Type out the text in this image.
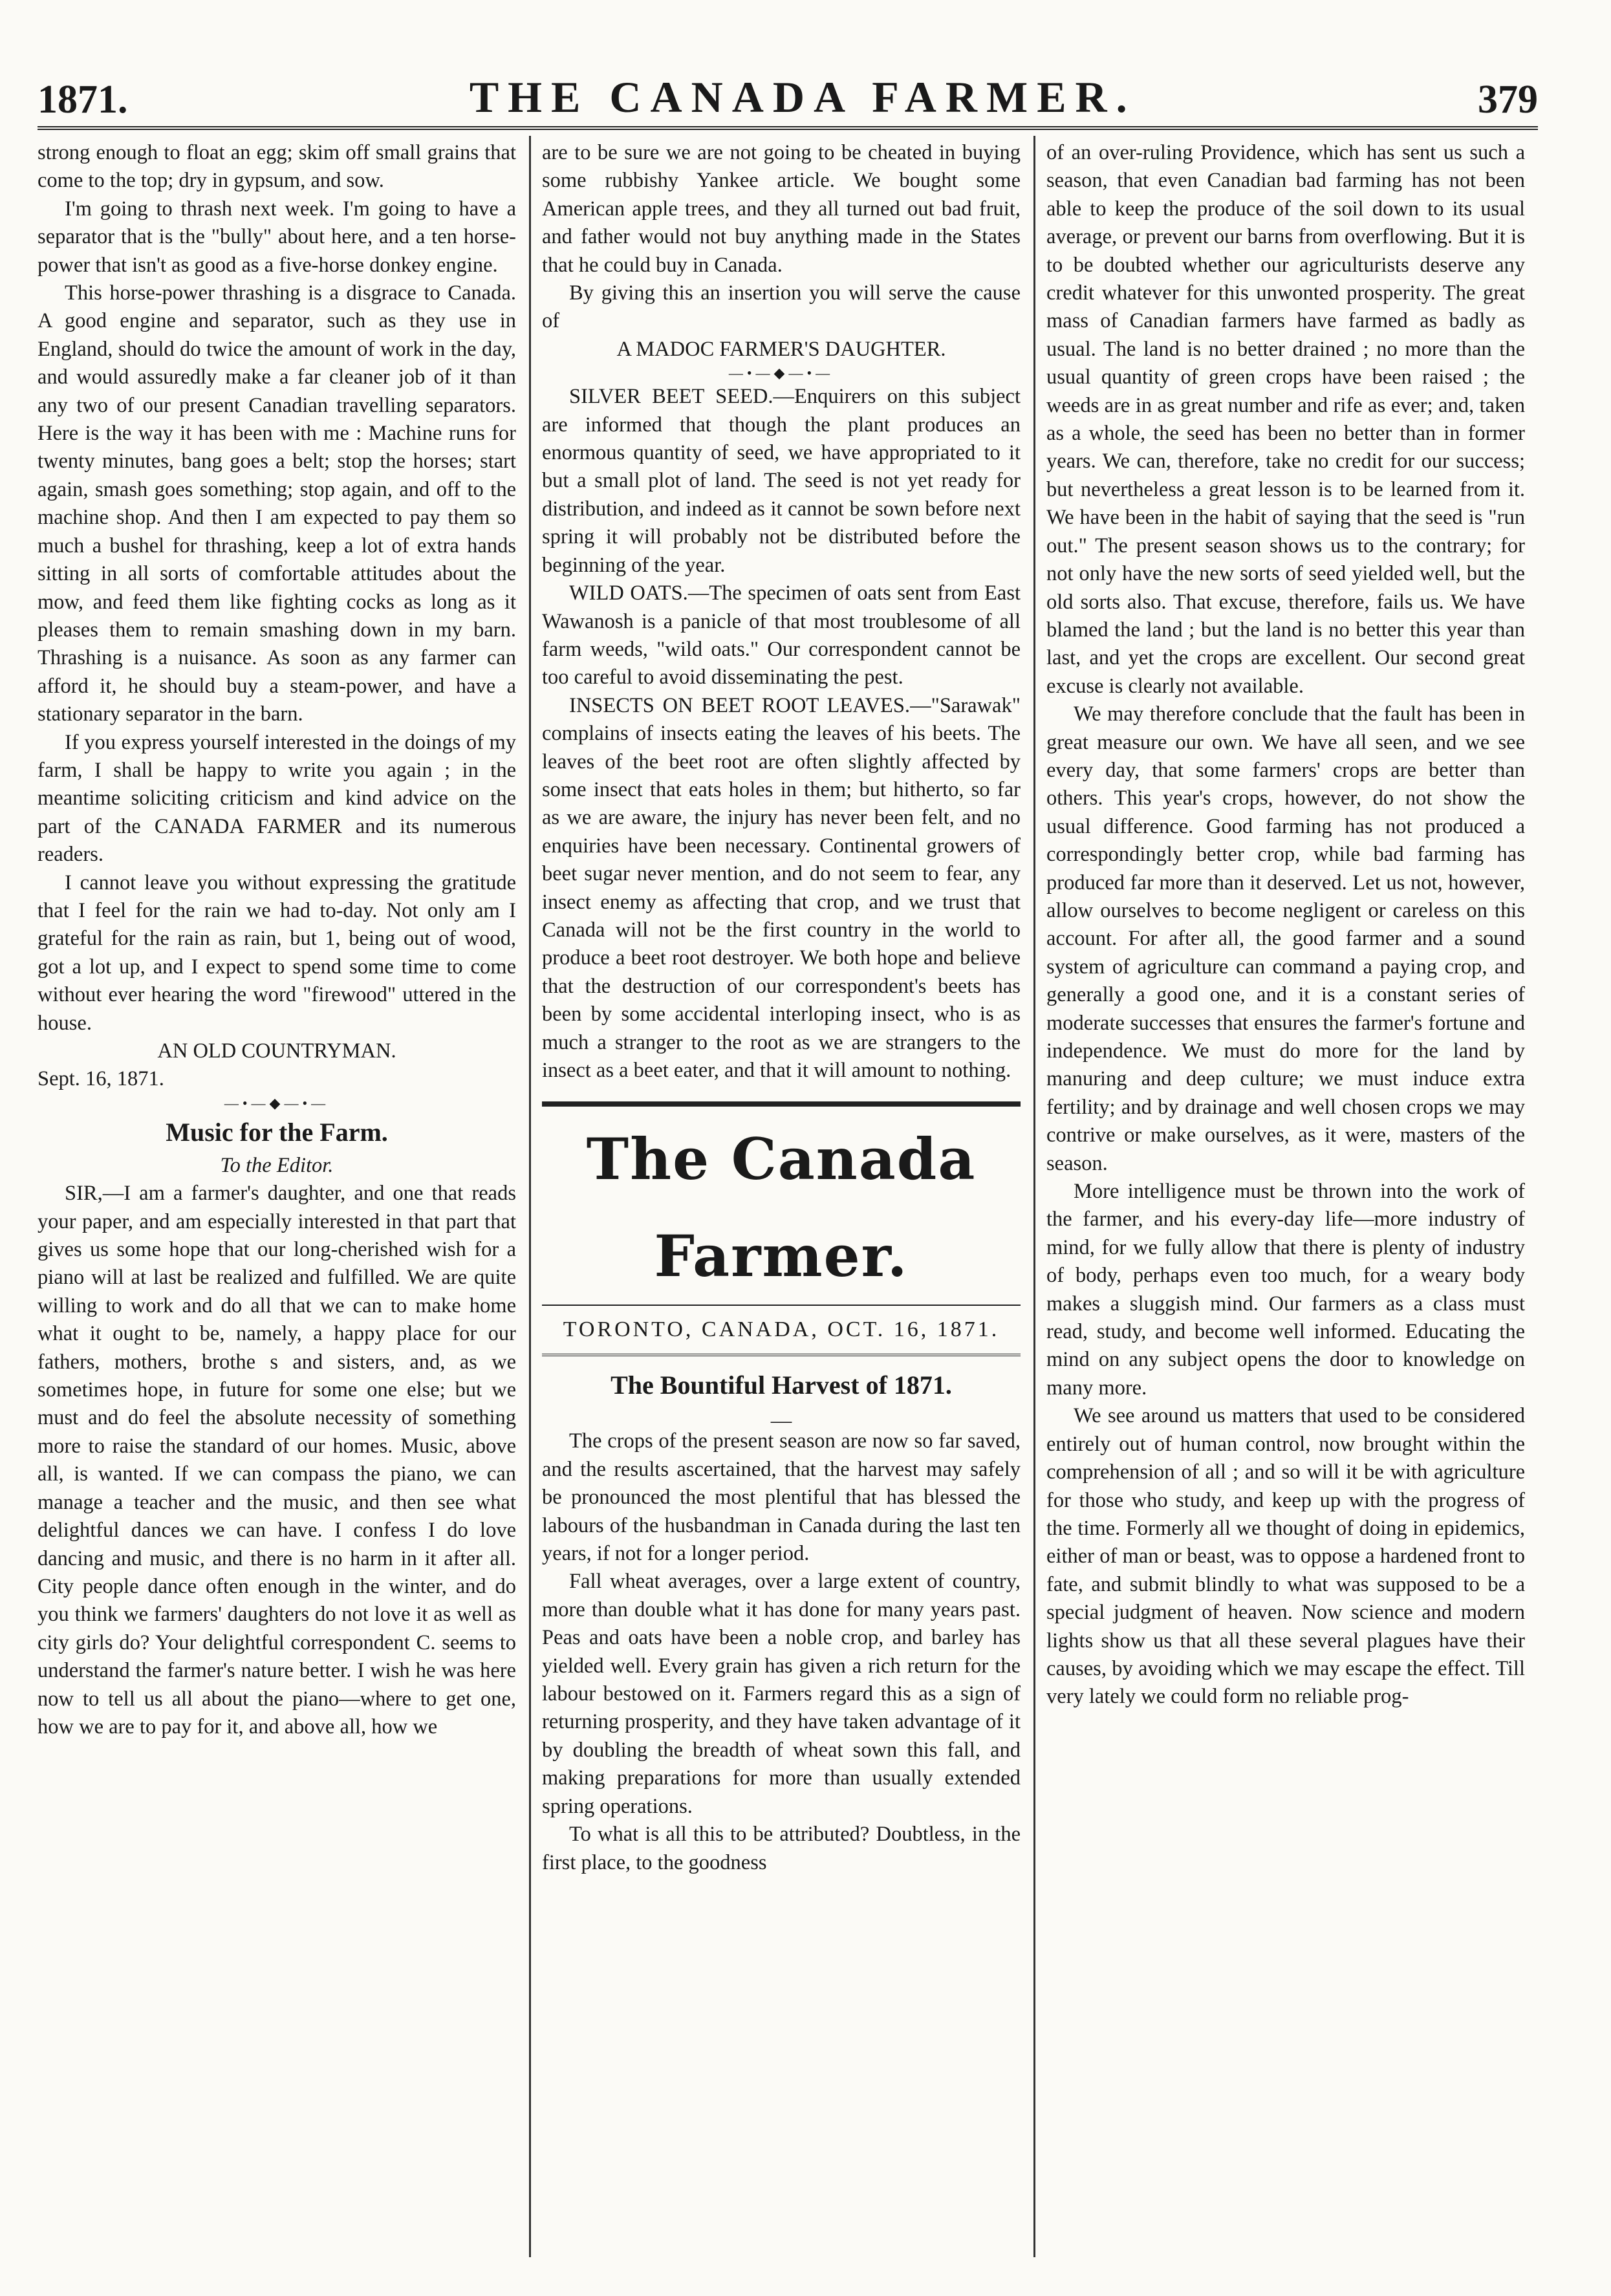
1871.	THE CANADA FARMER.	379

strong enough to float an egg; skim off small grains that come to the top; dry in gypsum, and sow.

I'm going to thrash next week. I'm going to have a separator that is the "bully" about here, and a ten horse-power that isn't as good as a five-horse donkey engine.

This horse-power thrashing is a disgrace to Canada. A good engine and separator, such as they use in England, should do twice the amount of work in the day, and would assuredly make a far cleaner job of it than any two of our present Canadian travelling separators. Here is the way it has been with me : Machine runs for twenty minutes, bang goes a belt; stop the horses; start again, smash goes something; stop again, and off to the machine shop. And then I am expected to pay them so much a bushel for thrashing, keep a lot of extra hands sitting in all sorts of comfortable attitudes about the mow, and feed them like fighting cocks as long as it pleases them to remain smashing down in my barn. Thrashing is a nuisance. As soon as any farmer can afford it, he should buy a steam-power, and have a stationary separator in the barn.

If you express yourself interested in the doings of my farm, I shall be happy to write you again ; in the meantime soliciting criticism and kind advice on the part of the CANADA FARMER and its numerous readers.

I cannot leave you without expressing the gratitude that I feel for the rain we had to-day. Not only am I grateful for the rain as rain, but 1, being out of wood, got a lot up, and I expect to spend some time to come without ever hearing the word "firewood" uttered in the house.

AN OLD COUNTRYMAN.

Sept. 16, 1871.

—•—◆—•—

Music for the Farm.

To the Editor.

SIR,—I am a farmer's daughter, and one that reads your paper, and am especially interested in that part that gives us some hope that our long-cherished wish for a piano will at last be realized and fulfilled. We are quite willing to work and do all that we can to make home what it ought to be, namely, a happy place for our fathers, mothers, brothe s and sisters, and, as we sometimes hope, in future for some one else; but we must and do feel the absolute necessity of something more to raise the standard of our homes. Music, above all, is wanted. If we can compass the piano, we can manage a teacher and the music, and then see what delightful dances we can have. I confess I do love dancing and music, and there is no harm in it after all. City people dance often enough in the winter, and do you think we farmers' daughters do not love it as well as city girls do? Your delightful correspondent C. seems to understand the farmer's nature better. I wish he was here now to tell us all about the piano—where to get one, how we are to pay for it, and above all, how we

are to be sure we are not going to be cheated in buying some rubbishy Yankee article. We bought some American apple trees, and they all turned out bad fruit, and father would not buy anything made in the States that he could buy in Canada.

By giving this an insertion you will serve the cause of

A MADOC FARMER'S DAUGHTER.

—•—◆—•—

SILVER BEET SEED.—Enquirers on this subject are informed that though the plant produces an enormous quantity of seed, we have appropriated to it but a small plot of land. The seed is not yet ready for distribution, and indeed as it cannot be sown before next spring it will probably not be distributed before the beginning of the year.

WILD OATS.—The specimen of oats sent from East Wawanosh is a panicle of that most troublesome of all farm weeds, "wild oats." Our correspondent cannot be too careful to avoid disseminating the pest.

INSECTS ON BEET ROOT LEAVES.—"Sarawak" complains of insects eating the leaves of his beets. The leaves of the beet root are often slightly affected by some insect that eats holes in them; but hitherto, so far as we are aware, the injury has never been felt, and no enquiries have been necessary. Continental growers of beet sugar never mention, and do not seem to fear, any insect enemy as affecting that crop, and we trust that Canada will not be the first country in the world to produce a beet root destroyer. We both hope and believe that the destruction of our correspondent's beets has been by some accidental interloping insect, who is as much a stranger to the root as we are strangers to the insect as a beet eater, and that it will amount to nothing.

The Canada Farmer.

TORONTO, CANADA, OCT. 16, 1871.

The Bountiful Harvest of 1871.

—

The crops of the present season are now so far saved, and the results ascertained, that the harvest may safely be pronounced the most plentiful that has blessed the labours of the husbandman in Canada during the last ten years, if not for a longer period.

Fall wheat averages, over a large extent of country, more than double what it has done for many years past. Peas and oats have been a noble crop, and barley has yielded well. Every grain has given a rich return for the labour bestowed on it. Farmers regard this as a sign of returning prosperity, and they have taken advantage of it by doubling the breadth of wheat sown this fall, and making preparations for more than usually extended spring operations.

To what is all this to be attributed? Doubtless, in the first place, to the goodness

of an over-ruling Providence, which has sent us such a season, that even Canadian bad farming has not been able to keep the produce of the soil down to its usual average, or prevent our barns from overflowing. But it is to be doubted whether our agriculturists deserve any credit whatever for this unwonted prosperity. The great mass of Canadian farmers have farmed as badly as usual. The land is no better drained ; no more than the usual quantity of green crops have been raised ; the weeds are in as great number and rife as ever; and, taken as a whole, the seed has been no better than in former years. We can, therefore, take no credit for our success; but nevertheless a great lesson is to be learned from it. We have been in the habit of saying that the seed is "run out." The present season shows us to the contrary; for not only have the new sorts of seed yielded well, but the old sorts also. That excuse, therefore, fails us. We have blamed the land ; but the land is no better this year than last, and yet the crops are excellent. Our second great excuse is clearly not available.

We may therefore conclude that the fault has been in great measure our own. We have all seen, and we see every day, that some farmers' crops are better than others. This year's crops, however, do not show the usual difference. Good farming has not produced a correspondingly better crop, while bad farming has produced far more than it deserved. Let us not, however, allow ourselves to become negligent or careless on this account. For after all, the good farmer and a sound system of agriculture can command a paying crop, and generally a good one, and it is a constant series of moderate successes that ensures the farmer's fortune and independence. We must do more for the land by manuring and deep culture; we must induce extra fertility; and by drainage and well chosen crops we may contrive or make ourselves, as it were, masters of the season.

More intelligence must be thrown into the work of the farmer, and his every-day life—more industry of mind, for we fully allow that there is plenty of industry of body, perhaps even too much, for a weary body makes a sluggish mind. Our farmers as a class must read, study, and become well informed. Educating the mind on any subject opens the door to knowledge on many more.

We see around us matters that used to be considered entirely out of human control, now brought within the comprehension of all ; and so will it be with agriculture for those who study, and keep up with the progress of the time. Formerly all we thought of doing in epidemics, either of man or beast, was to oppose a hardened front to fate, and submit blindly to what was supposed to be a special judgment of heaven. Now science and modern lights show us that all these several plagues have their causes, by avoiding which we may escape the effect. Till very lately we could form no reliable prog-
